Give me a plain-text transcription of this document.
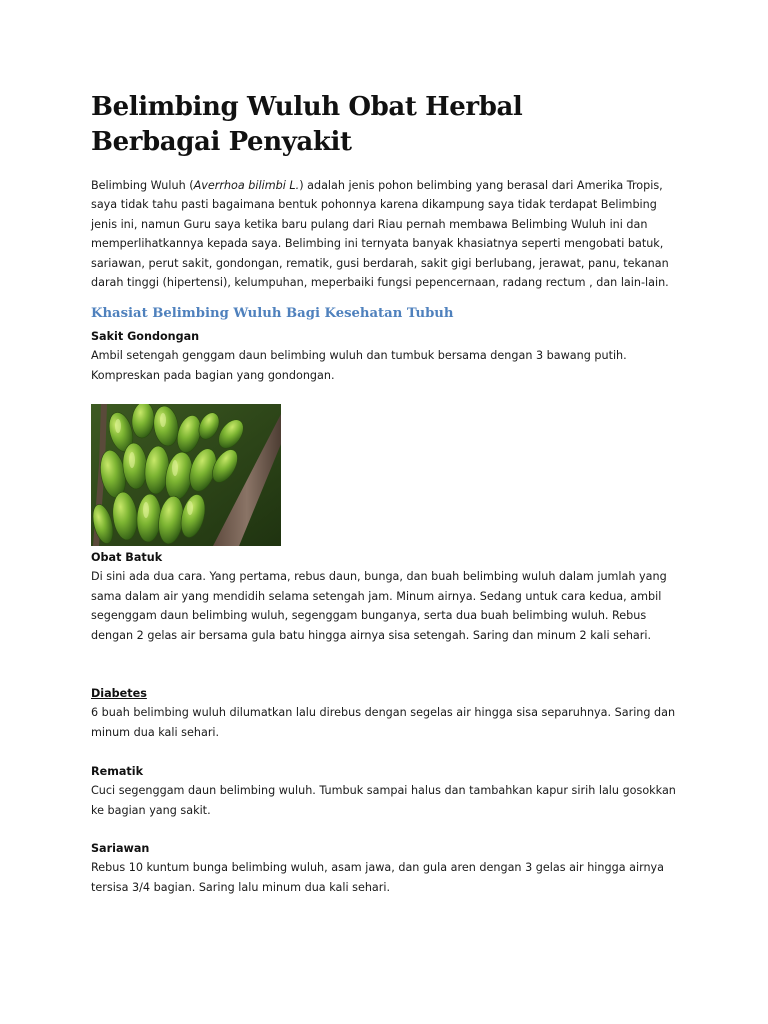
Belimbing Wuluh Obat Herbal
Berbagai Penyakit

Belimbing Wuluh (Averrhoa bilimbi L.) adalah jenis pohon belimbing yang berasal dari Amerika Tropis, saya tidak tahu pasti bagaimana bentuk pohonnya karena dikampung saya tidak terdapat Belimbing jenis ini, namun Guru saya ketika baru pulang dari Riau pernah membawa Belimbing Wuluh ini dan memperlihatkannya kepada saya. Belimbing ini ternyata banyak khasiatnya seperti mengobati batuk, sariawan, perut sakit, gondongan, rematik, gusi berdarah, sakit gigi berlubang, jerawat, panu, tekanan darah tinggi (hipertensi), kelumpuhan, meperbaiki fungsi pepencernaan, radang rectum , dan lain-lain.

Khasiat Belimbing Wuluh Bagi Kesehatan Tubuh

Sakit Gondongan

Ambil setengah genggam daun belimbing wuluh dan tumbuk bersama dengan 3 bawang putih. Kompreskan pada bagian yang gondongan.

Obat Batuk

Di sini ada dua cara. Yang pertama, rebus daun, bunga, dan buah belimbing wuluh dalam jumlah yang sama dalam air yang mendidih selama setengah jam. Minum airnya. Sedang untuk cara kedua, ambil segenggam daun belimbing wuluh, segenggam bunganya, serta dua buah belimbing wuluh. Rebus dengan 2 gelas air bersama gula batu hingga airnya sisa setengah. Saring dan minum 2 kali sehari.

Diabetes

6 buah belimbing wuluh dilumatkan lalu direbus dengan segelas air hingga sisa separuhnya. Saring dan minum dua kali sehari.

Rematik

Cuci segenggam daun belimbing wuluh. Tumbuk sampai halus dan tambahkan kapur sirih lalu gosokkan ke bagian yang sakit.

Sariawan

Rebus 10 kuntum bunga belimbing wuluh, asam jawa, dan gula aren dengan 3 gelas air hingga airnya tersisa 3/4 bagian. Saring lalu minum dua kali sehari.
